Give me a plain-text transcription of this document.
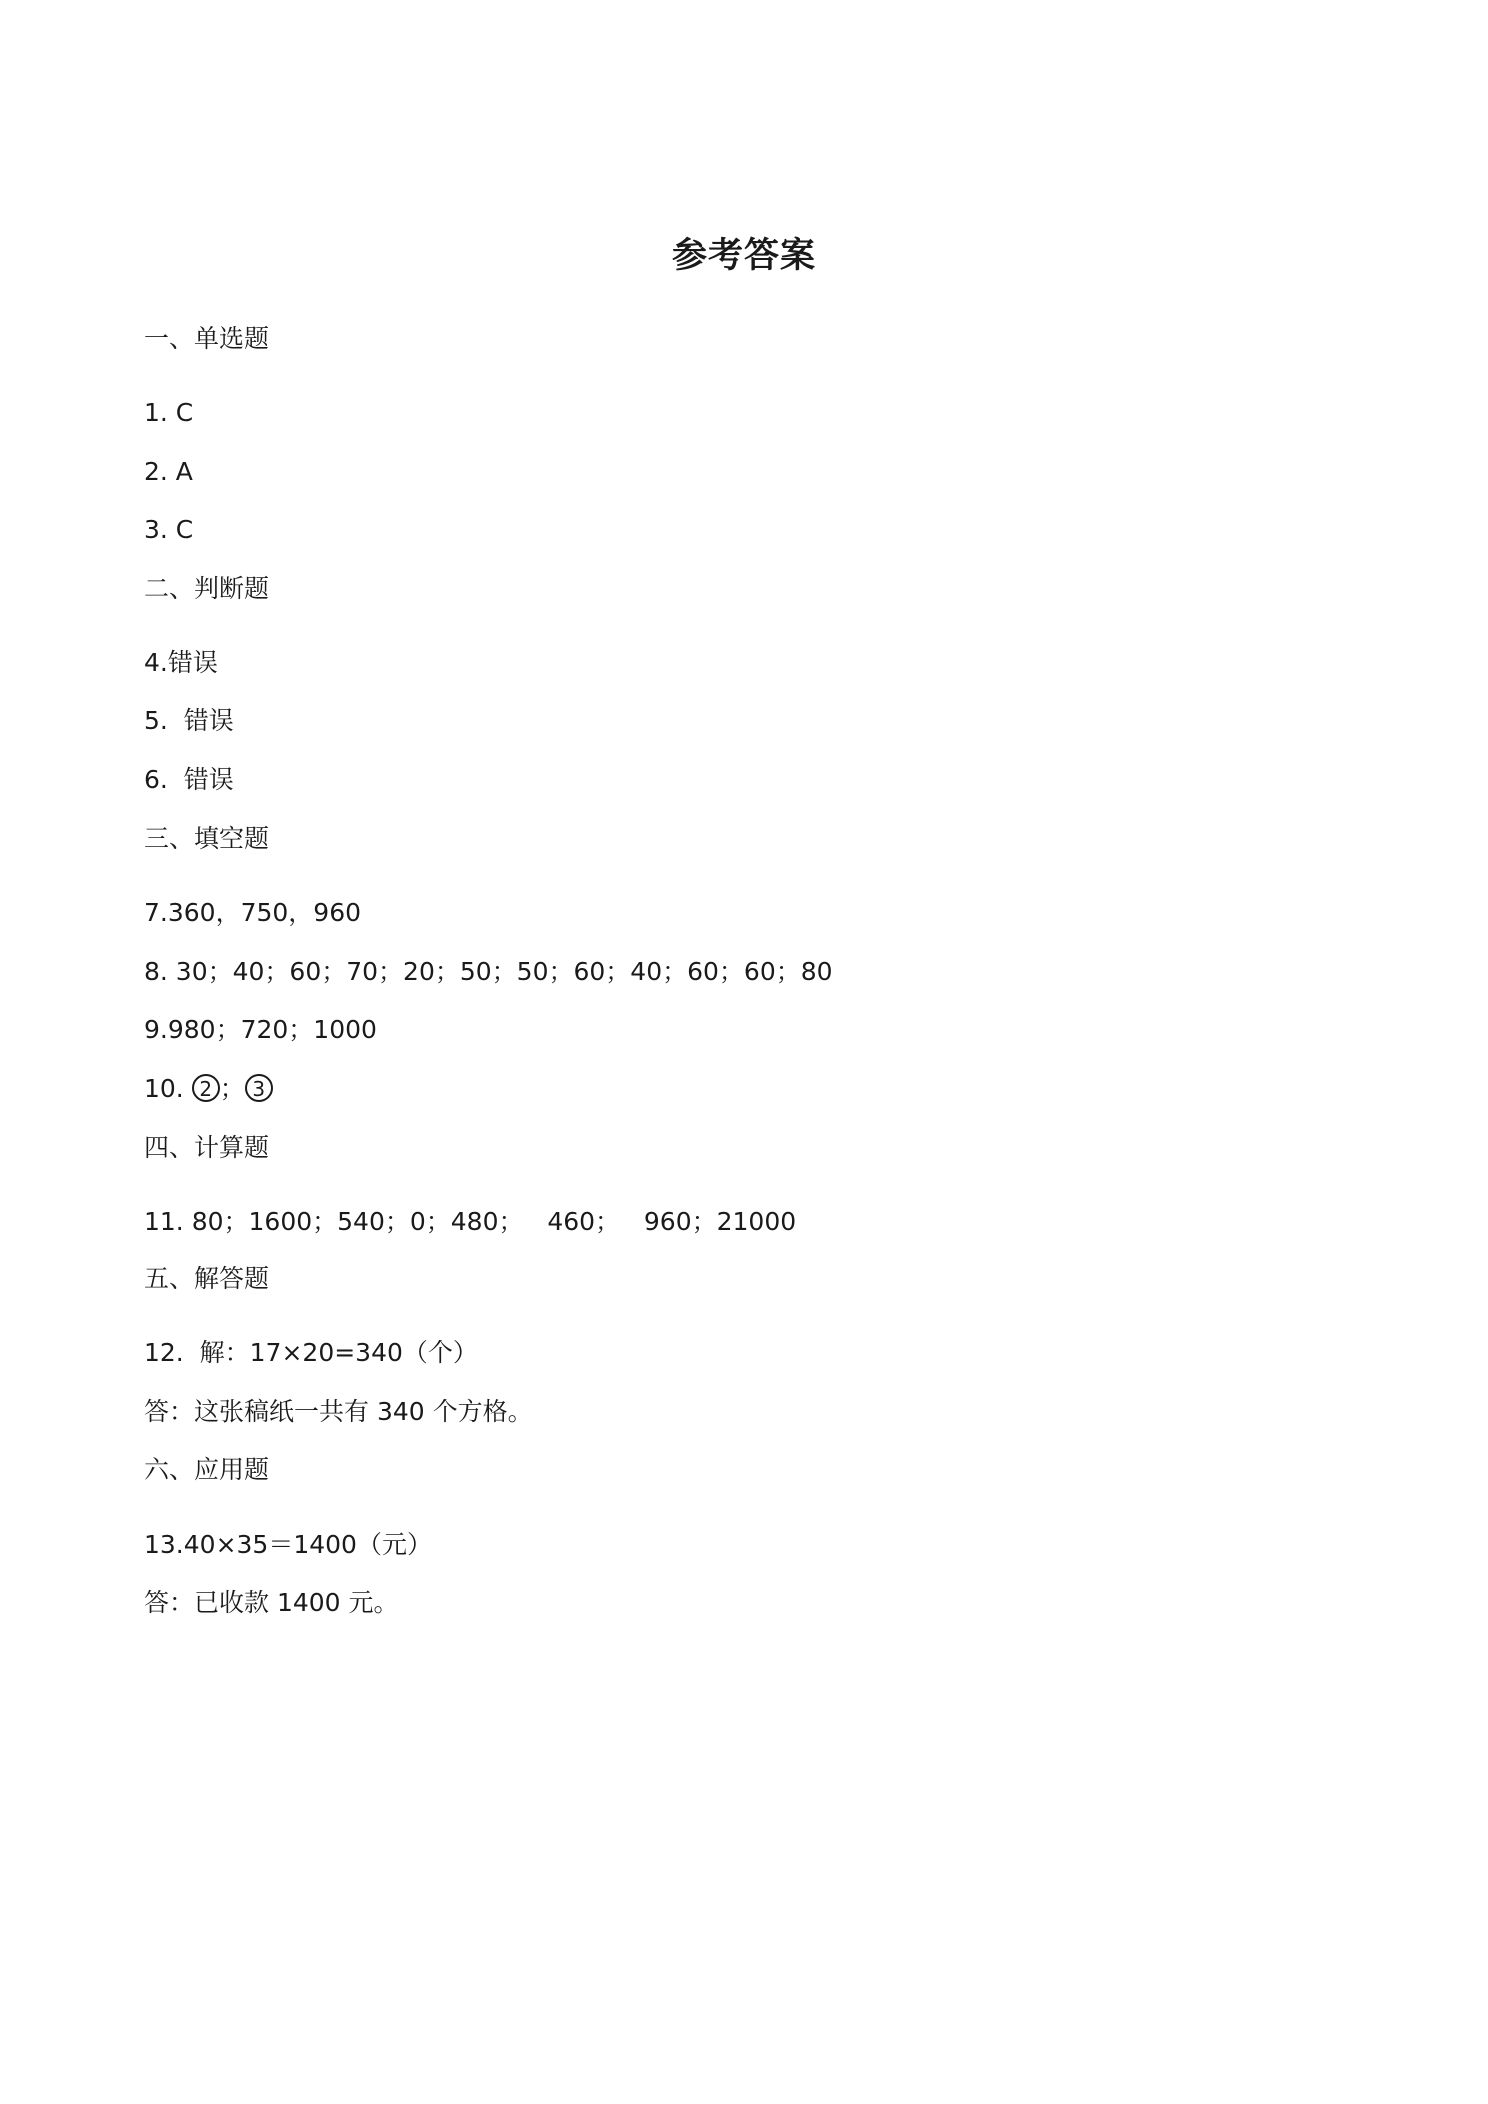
参考答案
一、单选题
1. C
2. A
3. C
二、判断题
4.错误
5.  错误
6.  错误
三、填空题
7.360，750，960
8. 30；40；60；70；20；50；50；60；40；60；60；80
9.980；720；1000
10. 2 ； 3
四、计算题
11. 80；1600；540；0；480；   460；   960；21000
五、解答题
12.  解：17×20=340（个）
答：这张稿纸一共有 340 个方格。
六、应用题
13.40×35＝1400（元）
答：已收款 1400 元。
